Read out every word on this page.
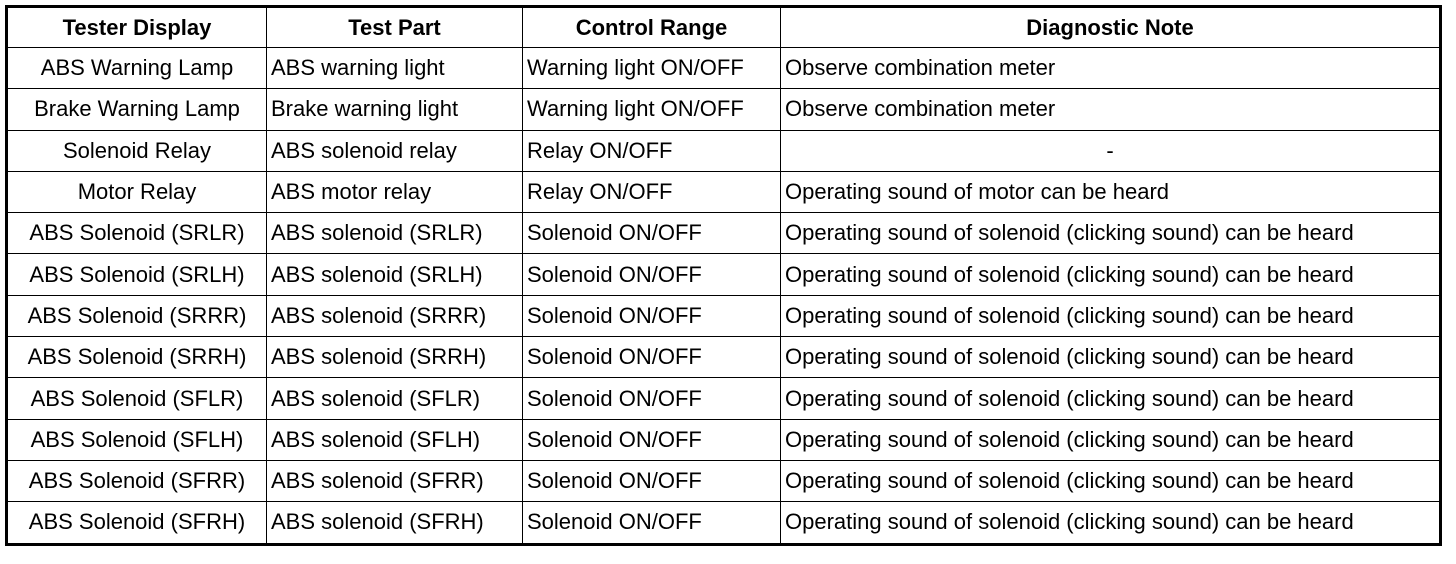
Tester Display	Test Part	Control Range	Diagnostic Note
ABS Warning Lamp	ABS warning light	Warning light ON/OFF	Observe combination meter
Brake Warning Lamp	Brake warning light	Warning light ON/OFF	Observe combination meter
Solenoid Relay	ABS solenoid relay	Relay ON/OFF	-
Motor Relay	ABS motor relay	Relay ON/OFF	Operating sound of motor can be heard
ABS Solenoid (SRLR)	ABS solenoid (SRLR)	Solenoid ON/OFF	Operating sound of solenoid (clicking sound) can be heard
ABS Solenoid (SRLH)	ABS solenoid (SRLH)	Solenoid ON/OFF	Operating sound of solenoid (clicking sound) can be heard
ABS Solenoid (SRRR)	ABS solenoid (SRRR)	Solenoid ON/OFF	Operating sound of solenoid (clicking sound) can be heard
ABS Solenoid (SRRH)	ABS solenoid (SRRH)	Solenoid ON/OFF	Operating sound of solenoid (clicking sound) can be heard
ABS Solenoid (SFLR)	ABS solenoid (SFLR)	Solenoid ON/OFF	Operating sound of solenoid (clicking sound) can be heard
ABS Solenoid (SFLH)	ABS solenoid (SFLH)	Solenoid ON/OFF	Operating sound of solenoid (clicking sound) can be heard
ABS Solenoid (SFRR)	ABS solenoid (SFRR)	Solenoid ON/OFF	Operating sound of solenoid (clicking sound) can be heard
ABS Solenoid (SFRH)	ABS solenoid (SFRH)	Solenoid ON/OFF	Operating sound of solenoid (clicking sound) can be heard
